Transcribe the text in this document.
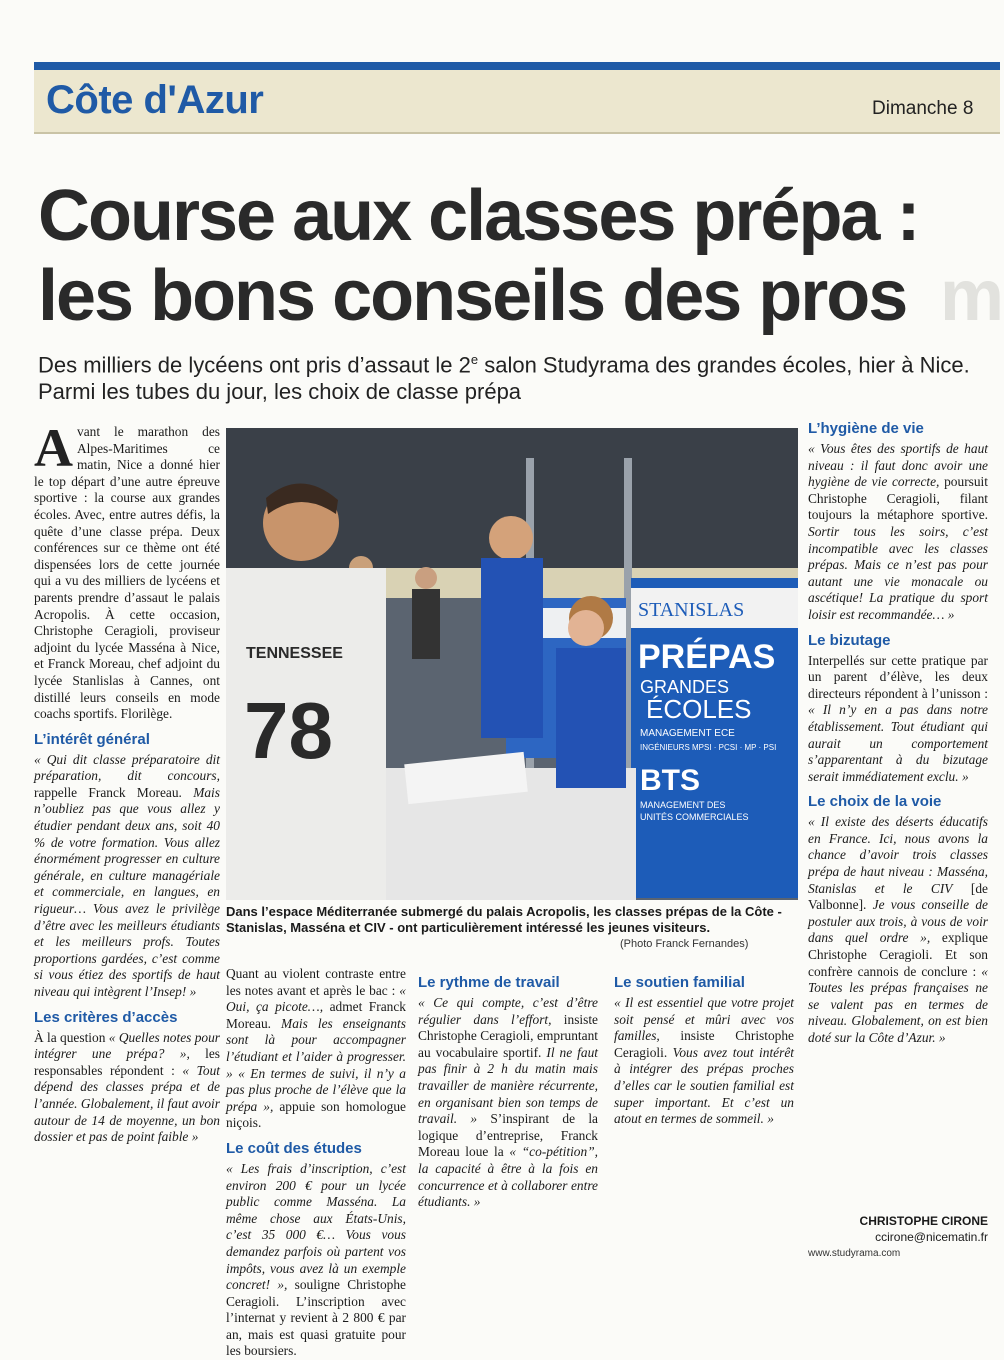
Côte d'Azur	Dimanche 8
Course aux classes prépa :
les bons conseils des pros m
Des milliers de lycéens ont pris d’assaut le 2e salon Studyrama des grandes écoles, hier à Nice. Parmi les tubes du jour, les choix de classe prépa

Avant le marathon des Alpes-Maritimes ce matin, Nice a donné hier le top départ d’une autre épreuve sportive : la course aux grandes écoles. Avec, entre autres défis, la quête d’une classe prépa. Deux conférences sur ce thème ont été dispensées lors de cette journée qui a vu des milliers de lycéens et parents prendre d’assaut le palais Acropolis. À cette occasion, Christophe Ceragioli, proviseur adjoint du lycée Masséna à Nice, et Franck Moreau, chef adjoint du lycée Stanlislas à Cannes, ont distillé leurs conseils en mode coachs sportifs. Florilège.

L’intérêt général

« Qui dit classe préparatoire dit préparation, dit concours, rappelle Franck Moreau. Mais n’oubliez pas que vous allez y étudier pendant deux ans, soit 40 % de votre formation. Vous allez énormément progresser en culture générale, en culture managériale et commerciale, en langues, en rigueur… Vous avez le privilège d’être avec les meilleurs étudiants et les meilleurs profs. Toutes proportions gardées, c’est comme si vous étiez des sportifs de haut niveau qui intègrent l’Insep! »

Les critères d’accès

À la question « Quelles notes pour intégrer une prépa? », les responsables répondent : « Tout dépend des classes prépa et de l’année. Globalement, il faut avoir autour de 14 de moyenne, un bon dossier et pas de point faible »

STANISLAS
PRÉPAS
GRANDES
ÉCOLES
MANAGEMENT ECE
INGÉNIEURS MPSI · PCSI · MP · PSI
BTS
MANAGEMENT DES
UNITÉS COMMERCIALES
TENNESSEE
78
Dans l’espace Méditerranée submergé du palais Acropolis, les classes prépas de la Côte - Stanislas, Masséna et CIV - ont particulièrement intéressé les jeunes visiteurs.
(Photo Franck Fernandes)

Quant au violent contraste entre les notes avant et après le bac : « Oui, ça picote…, admet Franck Moreau. Mais les enseignants sont là pour accompagner l’étudiant et l’aider à progresser. » « En termes de suivi, il n’y a pas plus proche de l’élève que la prépa », appuie son homologue niçois.

Le coût des études

« Les frais d’inscription, c’est environ 200 € pour un lycée public comme Masséna. La même chose aux États-Unis, c’est 35 000 €… Vous vous demandez parfois où partent vos impôts, vous avez là un exemple concret! », souligne Christophe Ceragioli. L’inscription avec l’internat y revient à 2 800 € par an, mais est quasi gratuite pour les boursiers.

Le rythme de travail

« Ce qui compte, c’est d’être régulier dans l’effort, insiste Christophe Ceragioli, empruntant au vocabulaire sportif. Il ne faut pas finir à 2 h du matin mais travailler de manière récurrente, en organisant bien son temps de travail. » S’inspirant de la logique d’entreprise, Franck Moreau loue la « “co-pétition”, la capacité à être à la fois en concurrence et à collaborer entre étudiants. »

Le soutien familial

« Il est essentiel que votre projet soit pensé et mûri avec vos familles, insiste Christophe Ceragioli. Vous avez tout intérêt à intégrer des prépas proches d’elles car le soutien familial est super important. Et c’est un atout en termes de sommeil. »

L’hygiène de vie

« Vous êtes des sportifs de haut niveau : il faut donc avoir une hygiène de vie correcte, poursuit Christophe Ceragioli, filant toujours la métaphore sportive. Sortir tous les soirs, c’est incompatible avec les classes prépas. Mais ce n’est pas pour autant une vie monacale ou ascétique! La pratique du sport loisir est recommandée… »

Le bizutage

Interpellés sur cette pratique par un parent d’élève, les deux directeurs répondent à l’unisson : « Il n’y en a pas dans notre établissement. Tout étudiant qui aurait un comportement s’apparentant à du bizutage serait immédiatement exclu. »

Le choix de la voie

« Il existe des déserts éducatifs en France. Ici, nous avons la chance d’avoir trois classes prépa de haut niveau : Masséna, Stanislas et le CIV [de Valbonne]. Je vous conseille de postuler aux trois, à vous de voir dans quel ordre », explique Christophe Ceragioli. Et son confrère cannois de conclure : « Toutes les prépas françaises ne se valent pas en termes de niveau. Globalement, on est bien doté sur la Côte d’Azur. »

CHRISTOPHE CIRONE
ccirone@nicematin.fr
www.studyrama.com
